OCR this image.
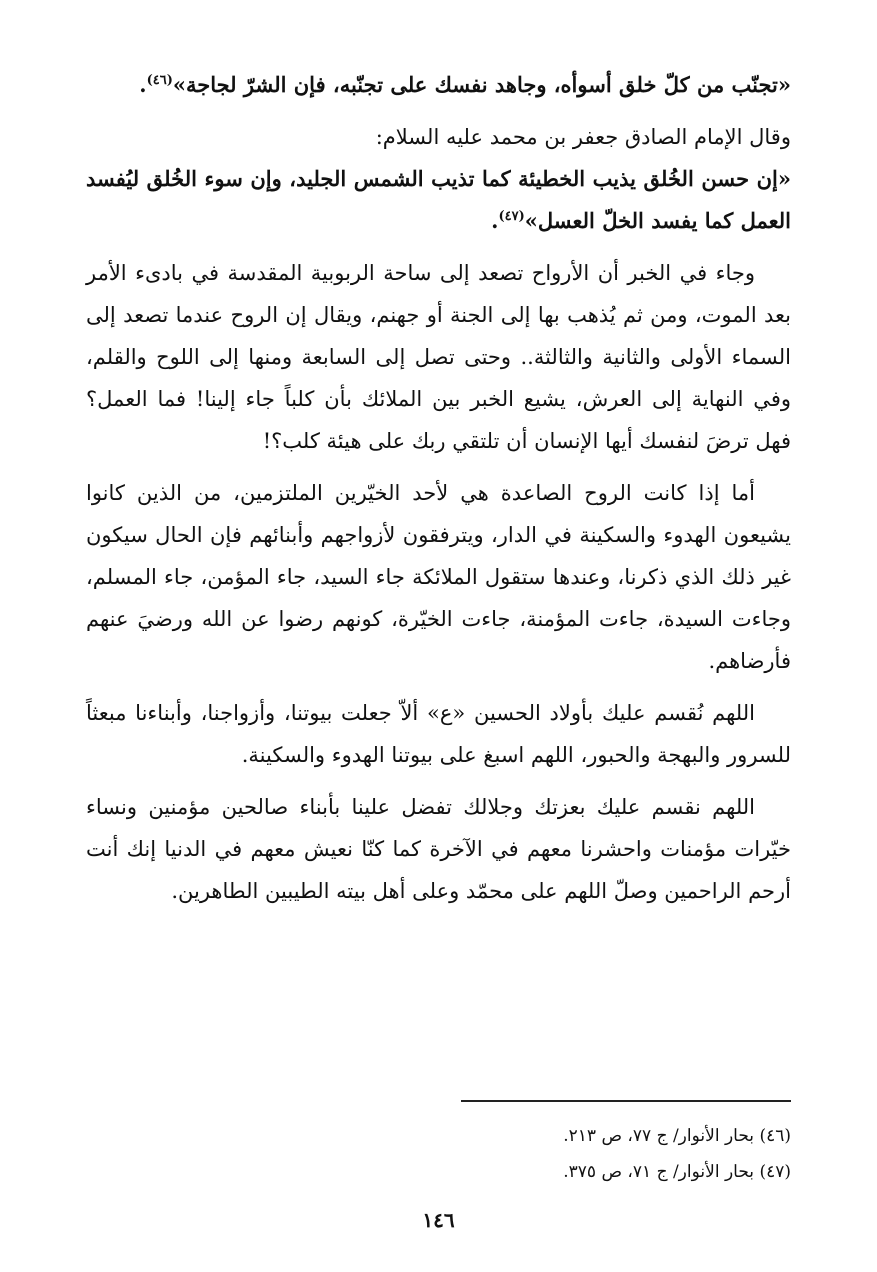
«تجنّب من كلّ خلق أسوأه، وجاهد نفسك على تجنّبه، فإن الشرّ لجاجة»$^{(٤٦)}$.

وقال الإمام الصادق جعفر بن محمد عليه السلام:

«إن حسن الخُلق يذيب الخطيئة كما تذيب الشمس الجليد، وإن سوء الخُلق ليُفسد العمل كما يفسد الخلّ العسل»$^{(٤٧)}$.

وجاء في الخبر أن الأرواح تصعد إلى ساحة الربوبية المقدسة في بادىء الأمر بعد الموت، ومن ثم يُذهب بها إلى الجنة أو جهنم، ويقال إن الروح عندما تصعد إلى السماء الأولى والثانية والثالثة.. وحتى تصل إلى السابعة ومنها إلى اللوح والقلم، وفي النهاية إلى العرش، يشيع الخبر بين الملائك بأن كلباً جاء إلينا! فما العمل؟ فهل ترضَ لنفسك أيها الإنسان أن تلتقي ربك على هيئة كلب؟!

أما إذا كانت الروح الصاعدة هي لأحد الخيّرين الملتزمين، من الذين كانوا يشيعون الهدوء والسكينة في الدار، ويترفقون لأزواجهم وأبنائهم فإن الحال سيكون غير ذلك الذي ذكرنا، وعندها ستقول الملائكة جاء السيد، جاء المؤمن، جاء المسلم، وجاءت السيدة، جاءت المؤمنة، جاءت الخيّرة، كونهم رضوا عن الله ورضيَ عنهم فأرضاهم.

اللهم نُقسم عليك بأولاد الحسين «ع» ألاّ جعلت بيوتنا، وأزواجنا، وأبناءنا مبعثاً للسرور والبهجة والحبور، اللهم اسبغ على بيوتنا الهدوء والسكينة.

اللهم نقسم عليك بعزتك وجلالك تفضل علينا بأبناء صالحين مؤمنين ونساء خيّرات مؤمنات واحشرنا معهم في الآخرة كما كنّا نعيش معهم في الدنيا إنك أنت أرحم الراحمين وصلّ اللهم على محمّد وعلى أهل بيته الطيبين الطاهرين.

(٤٦) بحار الأنوار/ ج ٧٧، ص ٢١٣.

(٤٧) بحار الأنوار/ ج ٧١، ص ٣٧٥.

١٤٦
